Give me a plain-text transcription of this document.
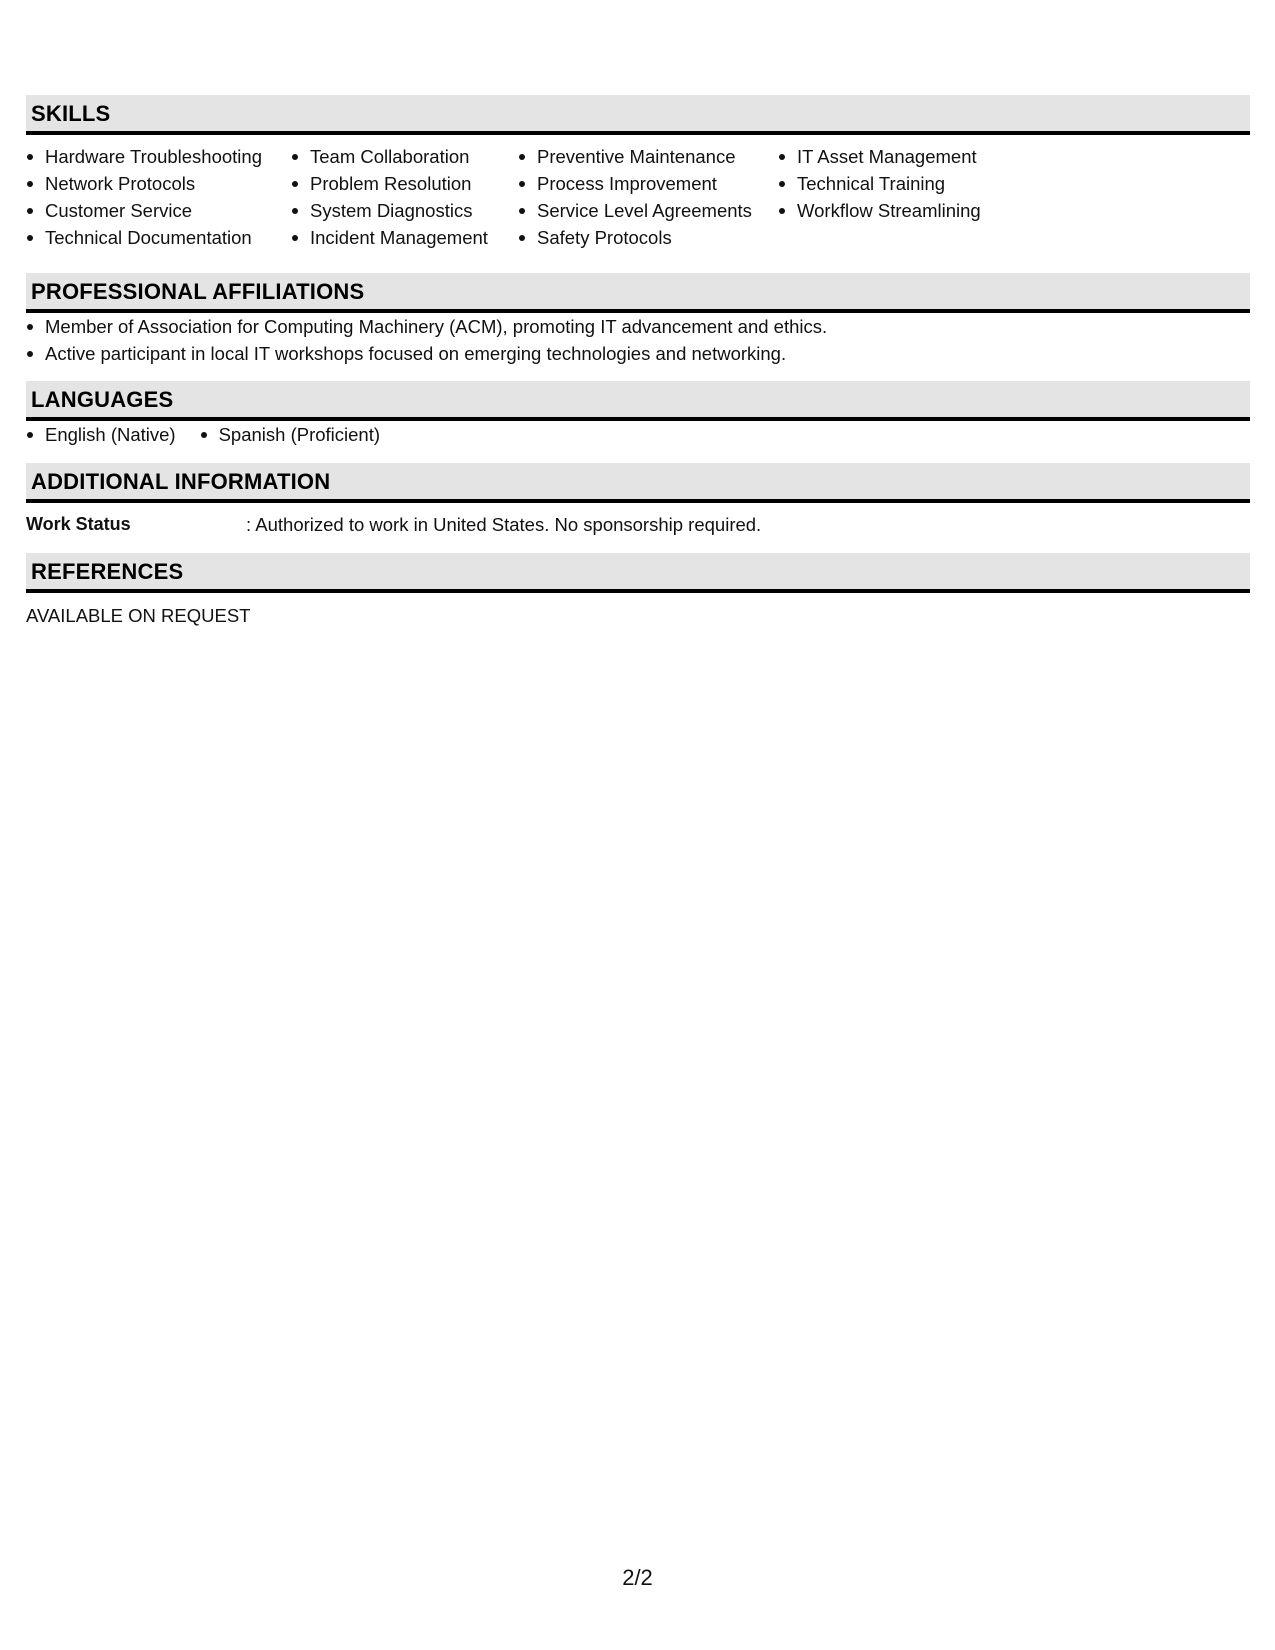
SKILLS
Hardware Troubleshooting
Network Protocols
Customer Service
Technical Documentation
Team Collaboration
Problem Resolution
System Diagnostics
Incident Management
Preventive Maintenance
Process Improvement
Service Level Agreements
Safety Protocols
IT Asset Management
Technical Training
Workflow Streamlining
PROFESSIONAL AFFILIATIONS
Member of Association for Computing Machinery (ACM), promoting IT advancement and ethics.
Active participant in local IT workshops focused on emerging technologies and networking.
LANGUAGES
English (Native)	Spanish (Proficient)
ADDITIONAL INFORMATION
Work Status	: Authorized to work in United States. No sponsorship required.
REFERENCES
AVAILABLE ON REQUEST
2/2
